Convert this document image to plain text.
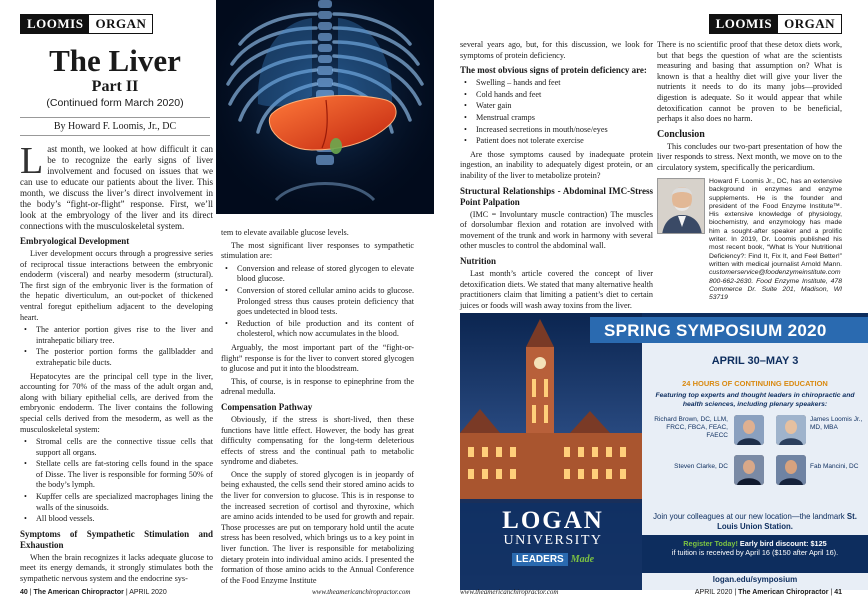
LOOMIS ORGAN
The Liver
Part II
(Continued form March 2020)
By Howard F. Loomis, Jr., DC

Last month, we looked at how difficult it can be to recognize the early signs of liver involvement and focused on issues that we can use to educate our patients about the liver. This month, we discuss the liver’s direct involvement in the body’s “fight-or-flight” response. First, we’ll look at the embryology of the liver and its direct connections with the musculoskeletal system.

Embryological Development

Liver development occurs through a progressive series of reciprocal tissue interactions between the embryonic endoderm (visceral) and nearby mesoderm (structural). The first sign of the embryonic liver is the formation of the hepatic diverticulum, an out-pocket of thickened ventral foregut epithelium adjacent to the developing heart.

• The anterior portion gives rise to the liver and intrahepatic biliary tree.
• The posterior portion forms the gallbladder and extrahepatic bile ducts.

Hepatocytes are the principal cell type in the liver, accounting for 70% of the mass of the adult organ and, along with biliary epithelial cells, are derived from the embryonic endoderm. The liver contains the following special cells derived from the mesoderm, as well as the musculoskeletal system:

• Stromal cells are the connective tissue cells that support all organs.
• Stellate cells are fat-storing cells found in the space of Disse. The liver is responsible for forming 50% of the body’s lymph.
• Kupffer cells are specialized macrophages lining the walls of the sinusoids.
• All blood vessels.
Symptoms of Sympathetic Stimulation and Exhaustion

When the brain recognizes it lacks adequate glucose to meet its energy demands, it strongly stimulates both the sympathetic nervous system and the endocrine sys-

tem to elevate available glucose levels.

The most significant liver responses to sympathetic stimulation are:

• Conversion and release of stored glycogen to elevate blood glucose.
• Conversion of stored cellular amino acids to glucose. Prolonged stress thus causes protein deficiency that goes undetected in blood tests.
• Reduction of bile production and its content of cholesterol, which now accumulates in the blood.

Arguably, the most important part of the “fight-or-flight” response is for the liver to convert stored glycogen to glucose and put it into the bloodstream.

This, of course, is in response to epinephrine from the adrenal medulla.

Compensation Pathway

Obviously, if the stress is short-lived, then these functions have little effect. However, the body has great difficulty compensating for the long-term deleterious effects of stress and the continual path to metabolic syndrome and diabetes.

Once the supply of stored glycogen is in jeopardy of being exhausted, the cells send their stored amino acids to the liver for conversion to glucose. This is in response to the increased secretion of cortisol and thyroxine, which are amino acids intended to be used for growth and repair. Those processes are put on temporary hold until the acute stress has been resolved, which brings us to a key point in liver function. The liver is responsible for metabolizing dietary protein into individual amino acids. I presented the formation of those amino acids to the Annual Conference of the Food Enzyme Institute

40 | The American Chiropractor | APRIL 2020	www.theamericanchiropractor.com
LOOMIS ORGAN

several years ago, but, for this discussion, we look for symptoms of protein deficiency.

The most obvious signs of protein deficiency are:
• Swelling – hands and feet
• Cold hands and feet
• Water gain
• Menstrual cramps
• Increased secretions in mouth/nose/eyes
• Patient does not tolerate exercise

Are those symptoms caused by inadequate protein ingestion, an inability to adequately digest protein, or an inability of the liver to metabolize protein?

Structural Relationships - Abdominal IMC-Stress Point Palpation

(IMC = Involuntary muscle contraction) The muscles of dorsolumbar flexion and rotation are involved with movement of the trunk and work in harmony with several other muscles to control the abdominal wall.

Nutrition

Last month’s article covered the concept of liver detoxification diets. We stated that many alternative health practitioners claim that limiting a patient’s diet to certain juices or foods will wash away toxins from the liver.

There is no scientific proof that these detox diets work, but that begs the question of what are the scientists measuring and basing that assumption on? What is known is that a healthy diet will give your liver the nutrients it needs to do its many jobs—provided digestion is adequate. So it would appear that while detoxification cannot be proven to be beneficial, perhaps it also does no harm.

Conclusion

This concludes our two-part presentation of how the liver responds to stress. Next month, we move on to the circulatory system, specifically the pericardium.

Howard F. Loomis Jr., DC, has an extensive background in enzymes and enzyme supplements. He is the founder and president of the Food Enzyme Institute™. His extensive knowledge of physiology, biochemistry, and enzymology has made him a sought-after speaker and a prolific writer. In 2019, Dr. Loomis published his most recent book, “What Is Your Nutritional Deficiency?: Find It, Fix It, and Feel Better!” written with medical journalist Arnold Mann. customerservice@foodenzymeinstitute.com 800-662-2630. Food Enzyme Institute, 478 Commerce Dr. Suite 201, Madison, WI 53719
SPRING SYMPOSIUM 2020
APRIL 30–MAY 3
24 HOURS OF CONTINUING EDUCATION
Featuring top experts and thought leaders in chiropractic and health sciences, including plenary speakers:
Richard Brown, DC, LLM, FRCC, FBCA, FEAC, FAECC
James Loomis Jr., MD, MBA
Steven Clarke, DC	Fab Mancini, DC
Join your colleagues at our new location—the landmark St. Louis Union Station.
Register Today! Early bird discount: $125
if tuition is received by April 16 ($150 after April 16).
logan.edu/symposium
LOGAN
UNIVERSITY
LEADERS Made
www.theamericanchiropractor.com	APRIL 2020 | The American Chiropractor | 41
